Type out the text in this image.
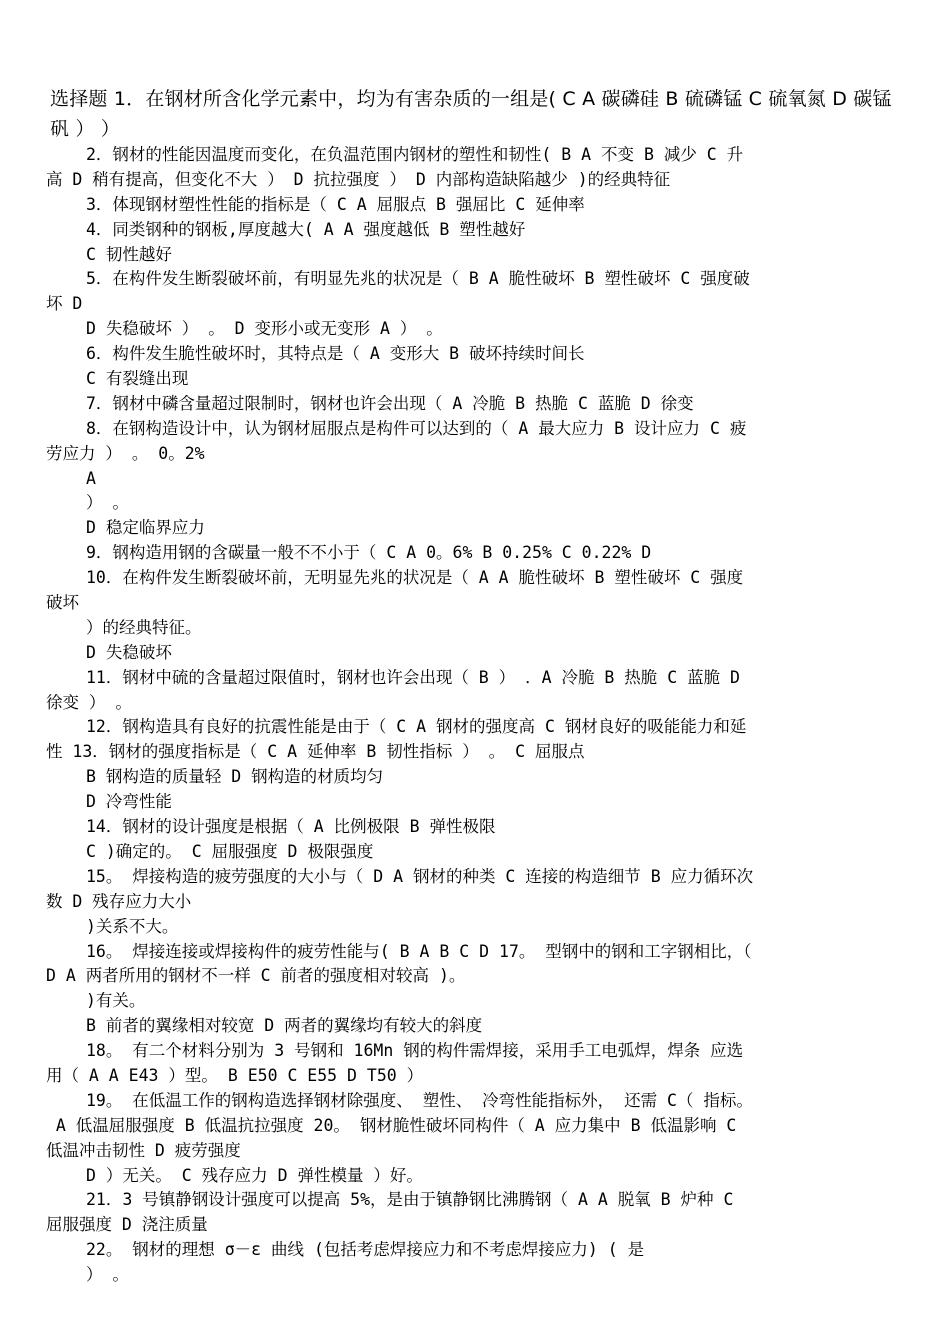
选择题 1．在钢材所含化学元素中，均为有害杂质的一组是( C A 碳磷硅 B 硫磷锰 C 硫氧氮 D 碳锰矾 ） ）
2．钢材的性能因温度而变化，在负温范围内钢材的塑性和韧性( B A 不变 B 减少 C 升
高 D 稍有提高，但变化不大 ） D 抗拉强度 ） D 内部构造缺陷越少 )的经典特征
3．体现钢材塑性性能的指标是（ C A 屈服点 B 强屈比 C 延伸率
4．同类钢种的钢板,厚度越大( A A 强度越低 B 塑性越好
C 韧性越好
5．在构件发生断裂破坏前，有明显先兆的状况是（ B A 脆性破坏 B 塑性破坏 C 强度破
坏 D
D 失稳破坏 ） 。 D 变形小或无变形 A ） 。
6．构件发生脆性破坏时，其特点是（ A 变形大 B 破坏持续时间长
C 有裂缝出现
7．钢材中磷含量超过限制时，钢材也许会出现（ A 冷脆 B 热脆 C 蓝脆 D 徐变
8．在钢构造设计中，认为钢材屈服点是构件可以达到的（ A 最大应力 B 设计应力 C 疲
劳应力 ） 。 0。2%
A
） 。
D 稳定临界应力
9．钢构造用钢的含碳量一般不不小于（ C A 0。6% B 0.25% C 0.22% D
10．在构件发生断裂破坏前，无明显先兆的状况是（ A A 脆性破坏 B 塑性破坏 C 强度
破坏
）的经典特征。
D 失稳破坏
11．钢材中硫的含量超过限值时，钢材也许会出现（ B ） ．A 冷脆 B 热脆 C 蓝脆 D
徐变 ） 。
12．钢构造具有良好的抗震性能是由于（ C A 钢材的强度高 C 钢材良好的吸能能力和延
性 13．钢材的强度指标是（ C A 延伸率 B 韧性指标 ） 。 C 屈服点
B 钢构造的质量轻 D 钢构造的材质均匀
D 冷弯性能
14．钢材的设计强度是根据（ A 比例极限 B 弹性极限
C )确定的。 C 屈服强度 D 极限强度
15。 焊接构造的疲劳强度的大小与（ D A 钢材的种类 C 连接的构造细节 B 应力循环次
数 D 残存应力大小
)关系不大。
16。 焊接连接或焊接构件的疲劳性能与( B A B C D 17。 型钢中的钢和工字钢相比，（
D A 两者所用的钢材不一样 C 前者的强度相对较高 )。
)有关。
B 前者的翼缘相对较宽 D 两者的翼缘均有较大的斜度
18。 有二个材料分别为 3 号钢和 16Mn 钢的构件需焊接，采用手工电弧焊，焊条 应选
用（ A A E43 ）型。 B E50 C E55 D T50 ）
19。 在低温工作的钢构造选择钢材除强度、 塑性、 冷弯性能指标外， 还需 C（ 指标。
A 低温屈服强度 B 低温抗拉强度 20。 钢材脆性破坏同构件（ A 应力集中 B 低温影响 C
低温冲击韧性 D 疲劳强度
D ）无关。 C 残存应力 D 弹性模量 ）好。
21．3 号镇静钢设计强度可以提高 5%，是由于镇静钢比沸腾钢（ A A 脱氧 B 炉种 C
屈服强度 D 浇注质量
22。 钢材的理想 σ－ε 曲线 (包括考虑焊接应力和不考虑焊接应力) ( 是
） 。
